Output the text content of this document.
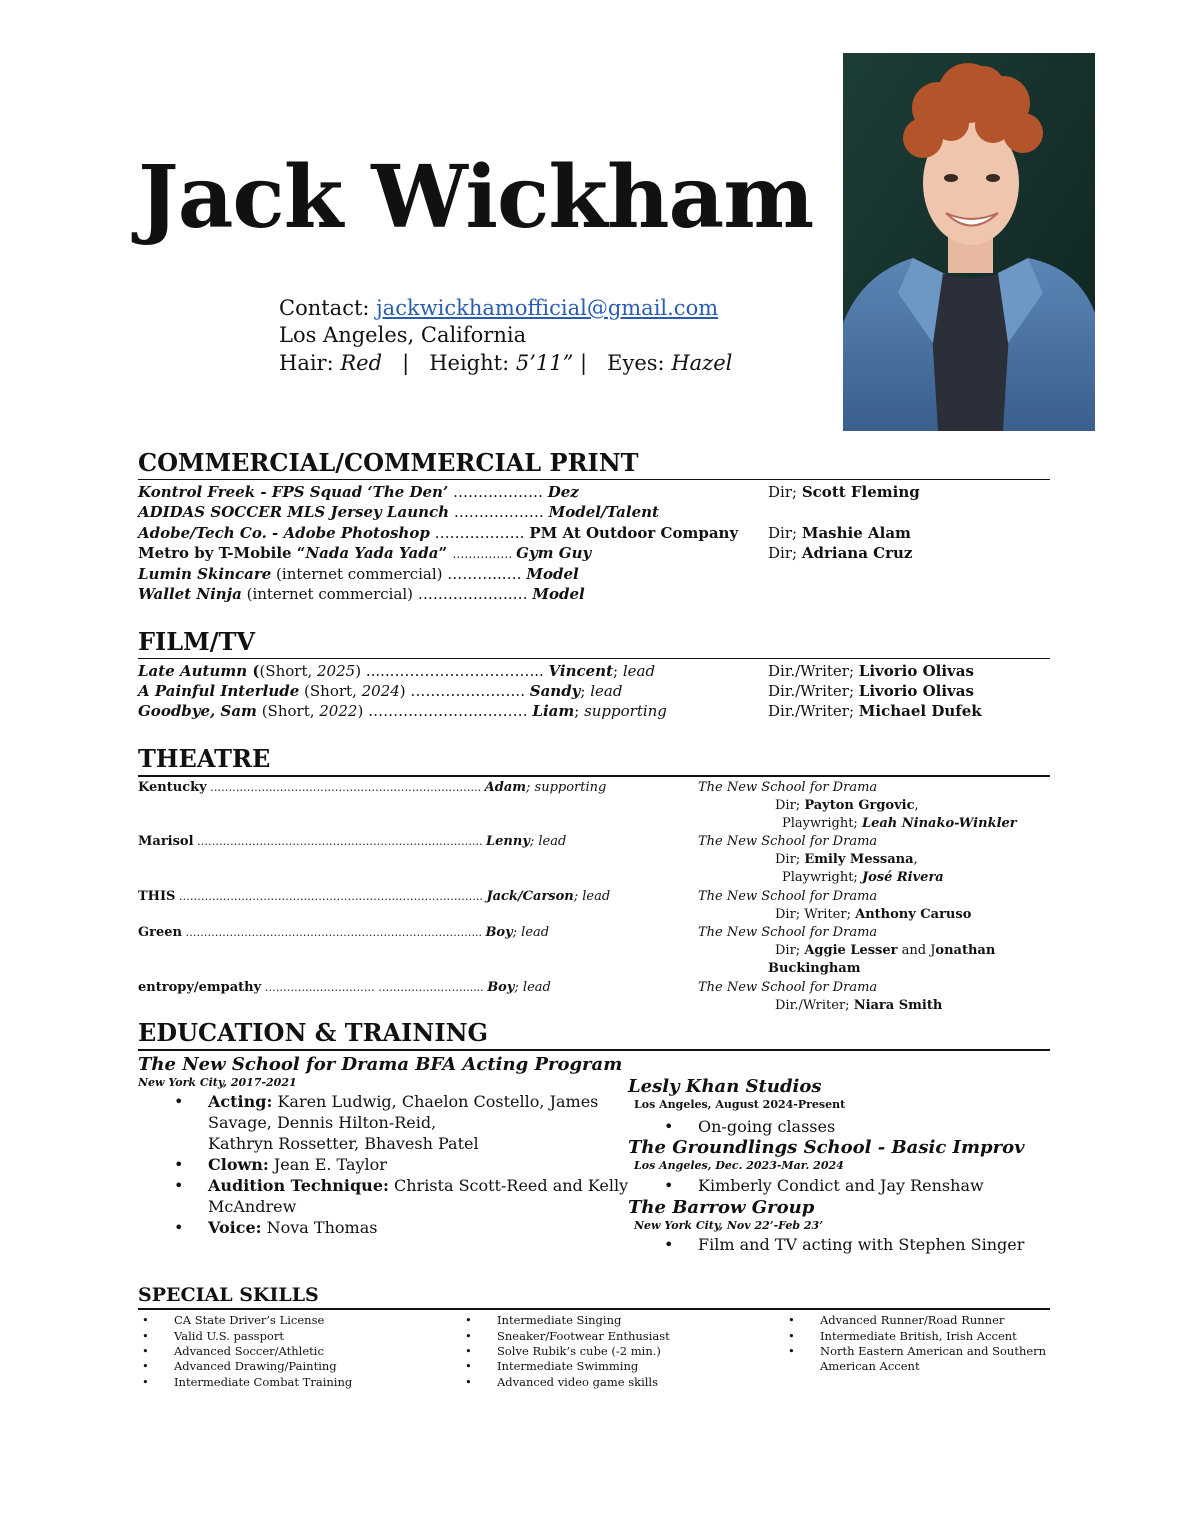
Jack Wickham
Contact: jackwickhamofficial@gmail.com
Los Angeles, California
Hair: Red   |   Height: 5’11” |   Eyes: Hazel
COMMERCIAL/COMMERCIAL PRINT
Kontrol Freek - FPS Squad ‘The Den’ ……………… Dez	Dir; Scott Fleming
ADIDAS SOCCER MLS Jersey Launch ……………… Model/Talent
Adobe/Tech Co. - Adobe Photoshop ……………… PM At Outdoor Company Dir; Mashie Alam
Metro by T-Mobile “Nada Yada Yada” …………… Gym Guy	Dir; Adriana Cruz
Lumin Skincare (internet commercial) ………...… Model
Wallet Ninja (internet commercial) ……………….… Model
FILM/TV
Late Autumn ((Short, 2025) ......………………………... Vincent; lead	Dir./Writer; Livorio Olivas
A Painful Interlude (Short, 2024) ………………….. Sandy; lead	Dir./Writer; Livorio Olivas
Goodbye, Sam (Short, 2022) …………………..……… Liam; supporting	Dir./Writer; Michael Dufek
THEATRE
Kentucky ……………………………………………………………….. Adam; supporting	The New School for Drama
Dir; Payton Grgovic,
Playwright; Leah Ninako-Winkler
Marisol …………………………………………………………………... Lenny; lead	The New School for Drama
Dir; Emily Messana,
Playwright; José Rivera
THIS ……………………………………………………………………….. Jack/Carson; lead	The New School for Drama
Dir; Writer; Anthony Caruso
Green ……………………………………………………………………... Boy; lead	The New School for Drama
Dir; Aggie Lesser and Jonathan
Buckingham
entropy/empathy ………………………… ……………………..... Boy; lead	The New School for Drama
Dir./Writer; Niara Smith
EDUCATION & TRAINING
The New School for Drama BFA Acting Program
New York City, 2017-2021
• Acting: Karen Ludwig, Chaelon Costello, James
Savage, Dennis Hilton-Reid,
Kathryn Rossetter, Bhavesh Patel
• Clown: Jean E. Taylor
• Audition Technique: Christa Scott-Reed and Kelly
McAndrew
• Voice: Nova Thomas
Lesly Khan Studios
Los Angeles, August 2024-Present
• On-going classes
The Groundlings School - Basic Improv
Los Angeles, Dec. 2023-Mar. 2024
• Kimberly Condict and Jay Renshaw
The Barrow Group
New York City, Nov 22’-Feb 23’
• Film and TV acting with Stephen Singer
SPECIAL SKILLS
• CA State Driver’s License
• Valid U.S. passport
• Advanced Soccer/Athletic
• Advanced Drawing/Painting
• Intermediate Combat Training
• Intermediate Singing
• Sneaker/Footwear Enthusiast
• Solve Rubik’s cube (-2 min.)
• Intermediate Swimming
• Advanced video game skills
• Advanced Runner/Road Runner
• Intermediate British, Irish Accent
• North Eastern American and Southern
American Accent
